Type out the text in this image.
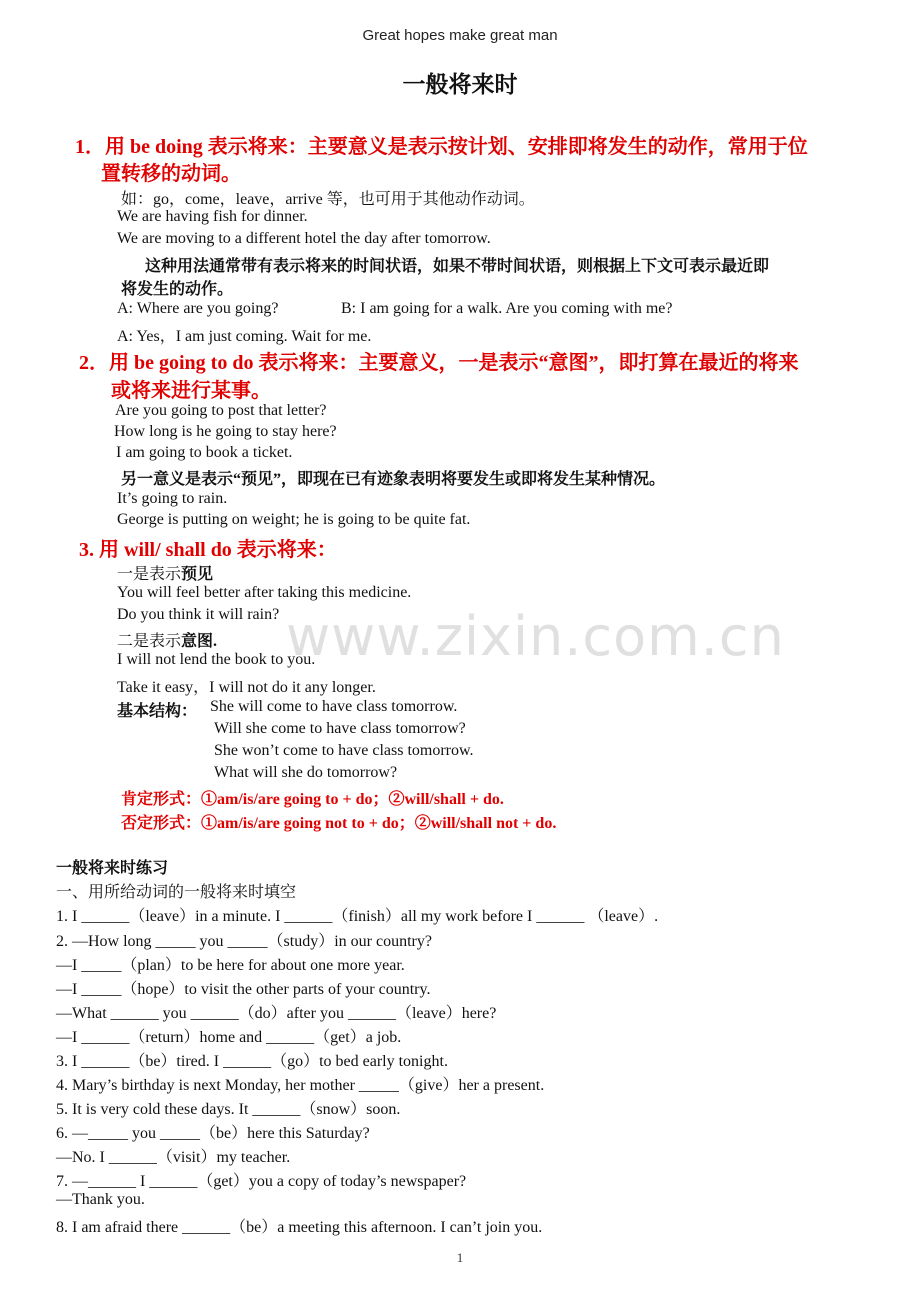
Great hopes make great man
一般将来时
www.zixin.com.cn
1．用 be doing 表示将来：主要意义是表示按计划、安排即将发生的动作，常用于位
置转移的动词。
如：go，come，leave，arrive 等，也可用于其他动作动词。
We are having fish for dinner.
We are moving to a different hotel the day after tomorrow.
这种用法通常带有表示将来的时间状语，如果不带时间状语，则根据上下文可表示最近即
将发生的动作。
A: Where are you going?	B: I am going for a walk. Are you coming with me?
A: Yes，I am just coming. Wait for me.
2．用 be going to do 表示将来：主要意义，一是表示“意图”，即打算在最近的将来
或将来进行某事。
Are you going to post that letter?
How long is he going to stay here?
I am going to book a ticket.
另一意义是表示“预见”，即现在已有迹象表明将要发生或即将发生某种情况。
It’s going to rain.
George is putting on weight; he is going to be quite fat.
3. 用 will/ shall do 表示将来：
一是表示预见
You will feel better after taking this medicine.
Do you think it will rain?
二是表示意图.
I will not lend the book to you.
Take it easy，I will not do it any longer.
基本结构： She will come to have class tomorrow.
Will she come to have class tomorrow?
She won’t come to have class tomorrow.
What will she do tomorrow?
肯定形式：①am/is/are going to + do；②will/shall + do.
否定形式：①am/is/are going not to + do；②will/shall not + do.
一般将来时练习
一、用所给动词的一般将来时填空
1. I ______（leave）in a minute. I ______（finish）all my work before I ______ （leave）.
2. —How long _____ you _____（study）in our country?
—I _____（plan）to be here for about one more year.
—I _____（hope）to visit the other parts of your country.
—What ______ you ______（do）after you ______（leave）here?
—I ______（return）home and ______（get）a job.
3. I ______（be）tired. I ______（go）to bed early tonight.
4. Mary’s birthday is next Monday, her mother _____（give）her a present.
5. It is very cold these days. It ______（snow）soon.
6. —_____ you _____（be）here this Saturday?
—No. I ______（visit）my teacher.
7. —______ I ______（get）you a copy of today’s newspaper?
—Thank you.
8. I am afraid there ______（be）a meeting this afternoon. I can’t join you.
1
